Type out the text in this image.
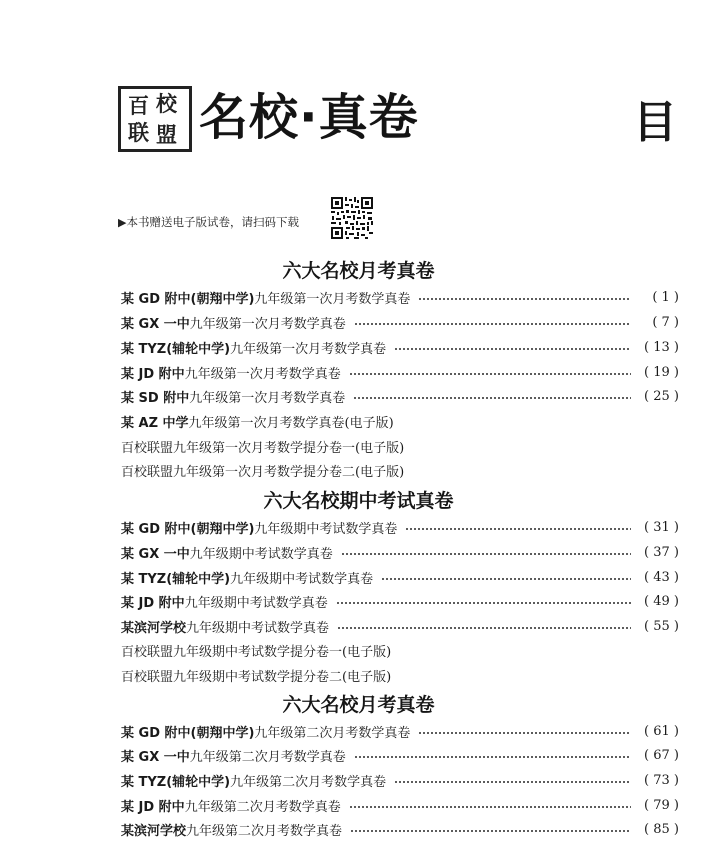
百 校
联 盟 名校·真卷	目
▶本书赠送电子版试卷，请扫码下载
六大名校月考真卷
某 GD 附中(朝翔中学) 九年级第一次月考数学真卷	( 1 )
某 GX 一中 九年级第一次月考数学真卷	( 7 )
某 TYZ(辅轮中学) 九年级第一次月考数学真卷	( 13 )
某 JD 附中 九年级第一次月考数学真卷	( 19 )
某 SD 附中 九年级第一次月考数学真卷	( 25 )
某 AZ 中学 九年级第一次月考数学真卷(电子版)
百校联盟九年级第一次月考数学提分卷一(电子版)
百校联盟九年级第一次月考数学提分卷二(电子版)
六大名校期中考试真卷
某 GD 附中(朝翔中学) 九年级期中考试数学真卷	( 31 )
某 GX 一中 九年级期中考试数学真卷	( 37 )
某 TYZ(辅轮中学) 九年级期中考试数学真卷	( 43 )
某 JD 附中 九年级期中考试数学真卷	( 49 )
某滨河学校 九年级期中考试数学真卷	( 55 )
百校联盟九年级期中考试数学提分卷一(电子版)
百校联盟九年级期中考试数学提分卷二(电子版)
六大名校月考真卷
某 GD 附中(朝翔中学) 九年级第二次月考数学真卷	( 61 )
某 GX 一中 九年级第二次月考数学真卷	( 67 )
某 TYZ(辅轮中学) 九年级第二次月考数学真卷	( 73 )
某 JD 附中 九年级第二次月考数学真卷	( 79 )
某滨河学校 九年级第二次月考数学真卷	( 85 )
